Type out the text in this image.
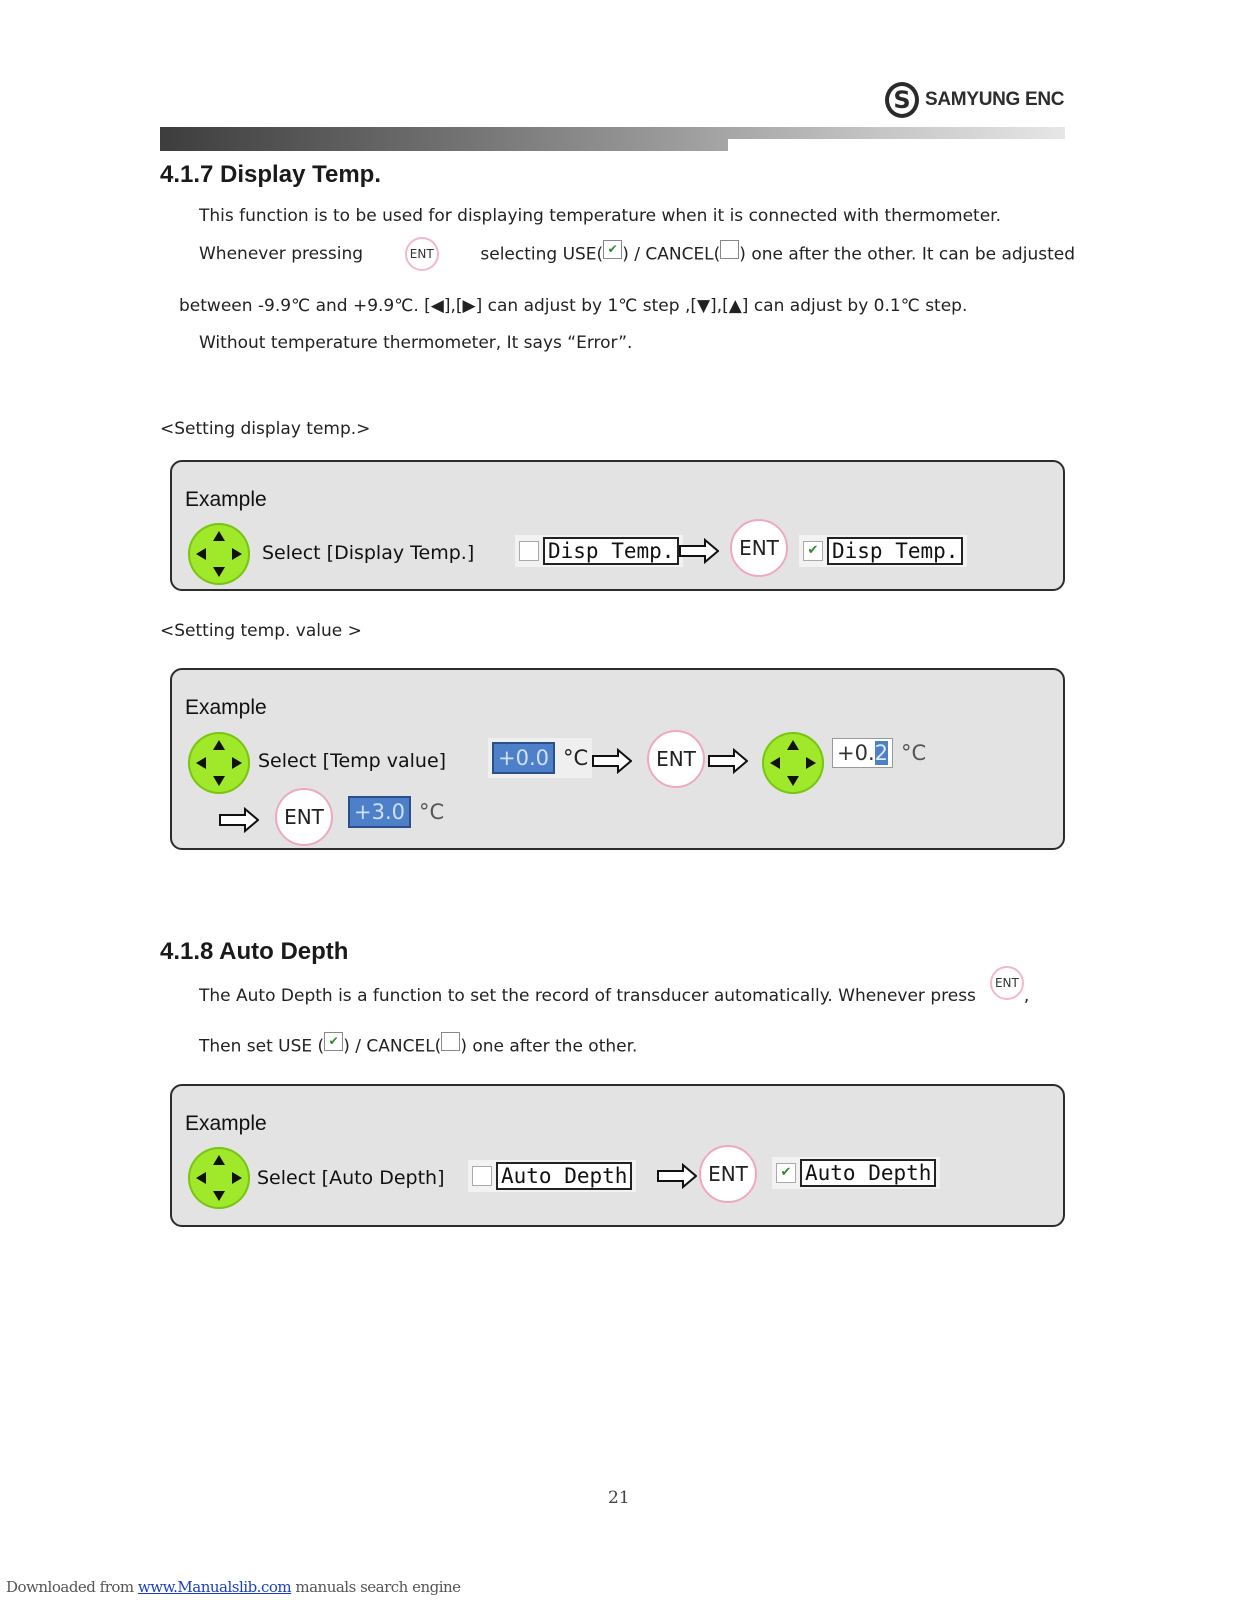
S SAMYUNG ENC
4.1.7 Display Temp.
This function is to be used for displaying temperature when it is connected with thermometer.
Whenever pressing	ENT	selecting USE( ✔ ) / CANCEL( ) one after the other. It can be adjusted
between -9.9℃ and +9.9℃. [◀],[▶] can adjust by 1℃ step ,[▼],[▲] can adjust by 0.1℃ step.
Without temperature thermometer, It says “Error”.
<Setting display temp.>
Example
Select [Display Temp.]	Disp Temp.	ENT	✔ Disp Temp.
<Setting temp. value >
Example
Select [Temp value] +0.0 °C	ENT	+0.2 °C
ENT	+3.0 °C
4.1.8 Auto Depth
The Auto Depth is a function to set the record of transducer automatically. Whenever press
ENT
,
Then set USE ( ✔ ) / CANCEL( ) one after the other.
Example
Select [Auto Depth]	Auto Depth	ENT	✔ Auto Depth
21
Downloaded from www.Manualslib.com manuals search engine
